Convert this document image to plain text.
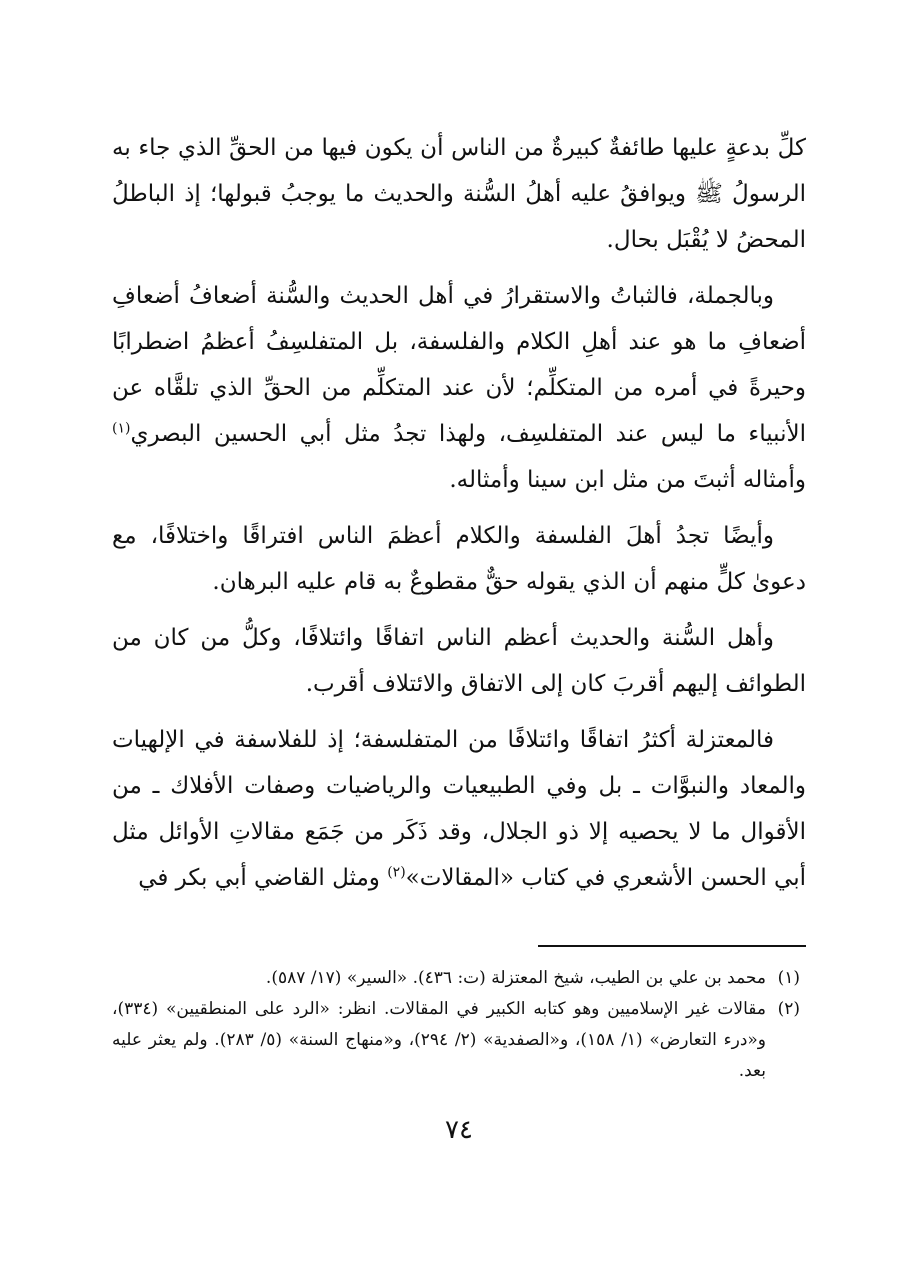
كلِّ بدعةٍ عليها طائفةٌ كبيرةٌ من الناس أن يكون فيها من الحقِّ الذي جاء به الرسولُ ﷺ ويوافقُ عليه أهلُ السُّنة والحديث ما يوجبُ قبولها؛ إذ الباطلُ المحضُ لا يُقْبَل بحال.

وبالجملة، فالثباتُ والاستقرارُ في أهل الحديث والسُّنة أضعافُ أضعافِ أضعافِ ما هو عند أهلِ الكلام والفلسفة، بل المتفلسِفُ أعظمُ اضطرابًا وحيرةً في أمره من المتكلِّم؛ لأن عند المتكلِّم من الحقِّ الذي تلقَّاه عن الأنبياء ما ليس عند المتفلسِف، ولهذا تجدُ مثل أبي الحسين البصري$^{(١)}$ وأمثاله أثبتَ من مثل ابن سينا وأمثاله.

وأيضًا تجدُ أهلَ الفلسفة والكلام أعظمَ الناس افتراقًا واختلافًا، مع دعوىٰ كلٍّ منهم أن الذي يقوله حقٌّ مقطوعٌ به قام عليه البرهان.

وأهل السُّنة والحديث أعظم الناس اتفاقًا وائتلافًا، وكلُّ من كان من الطوائف إليهم أقربَ كان إلى الاتفاق والائتلاف أقرب.

فالمعتزلة أكثرُ اتفاقًا وائتلافًا من المتفلسفة؛ إذ للفلاسفة في الإلهيات والمعاد والنبوَّات ـ بل وفي الطبيعيات والرياضيات وصفات الأفلاك ـ من الأقوال ما لا يحصيه إلا ذو الجلال، وقد ذَكَر من جَمَع مقالاتِ الأوائل مثل أبي الحسن الأشعري في كتاب «المقالات»$^{(٢)}$ ومثل القاضي أبي بكر في

(١)
محمد بن علي بن الطيب، شيخ المعتزلة (ت: ٤٣٦). «السير» (١٧/ ٥٨٧).

(٢)
مقالات غير الإسلاميين وهو كتابه الكبير في المقالات. انظر: «الرد على المنطقيين» (٣٣٤)، و«درء التعارض» (١/ ١٥٨)، و«الصفدية» (٢/ ٢٩٤)، و«منهاج السنة» (٥/ ٢٨٣). ولم يعثر عليه بعد.

٧٤
